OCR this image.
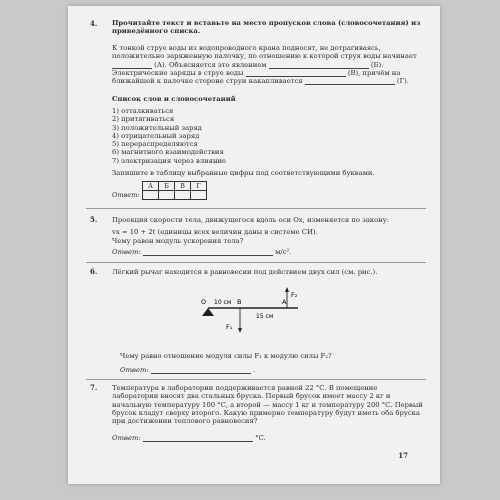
4. Прочитайте текст и вставьте на место пропусков слова (словосочетания) из приведённого списка.
К тонкой струе воды из водопроводного крана подносят, не дотрагиваясь, положительно заряженную палочку, по отношению к которой струя воды начинает  (А). Объясняется это явлением	(Б). Электрические заряды в струе воды	(В), причём на ближайшей к палочке стороне струи накапливается	(Г).
Список слов и словосочетаний
1) отталкиваться
2) притягиваться
3) положительный заряд
4) отрицательный заряд
5) перераспределяются
6) магнитного взаимодействия
7) электризация через влияние
Запишите в таблицу выбранные цифры под соответствующими буквами.
	А	Б	В	Г
Ответ:				
5. Проекция скорости тела, движущегося вдоль оси Ox, изменяется по закону:
vx = 10 + 2t (единицы всех величин даны в системе СИ).
Чему равен модуль ускорения тела?
Ответ:	м/с².
6. Лёгкий рычаг находится в равновесии под действием двух сил (см. рис.).
O	B	A
10 см
15 см
F₁
F₂
Чему равно отношение модуля силы F₁ к модулю силы F₂?
Ответ:	.
7. Температура в лаборатории поддерживается равной 22 °С. В помещение лаборатории вносят два стальных бруска. Первый брусок имеет массу 2 кг и начальную температуру 100 °С, а второй — массу 1 кг и температуру 200 °С. Первый брусок кладут сверху второго. Какую примерно температуру будут иметь оба бруска при достижении теплового равновесия?
Ответ:	°С.
17
